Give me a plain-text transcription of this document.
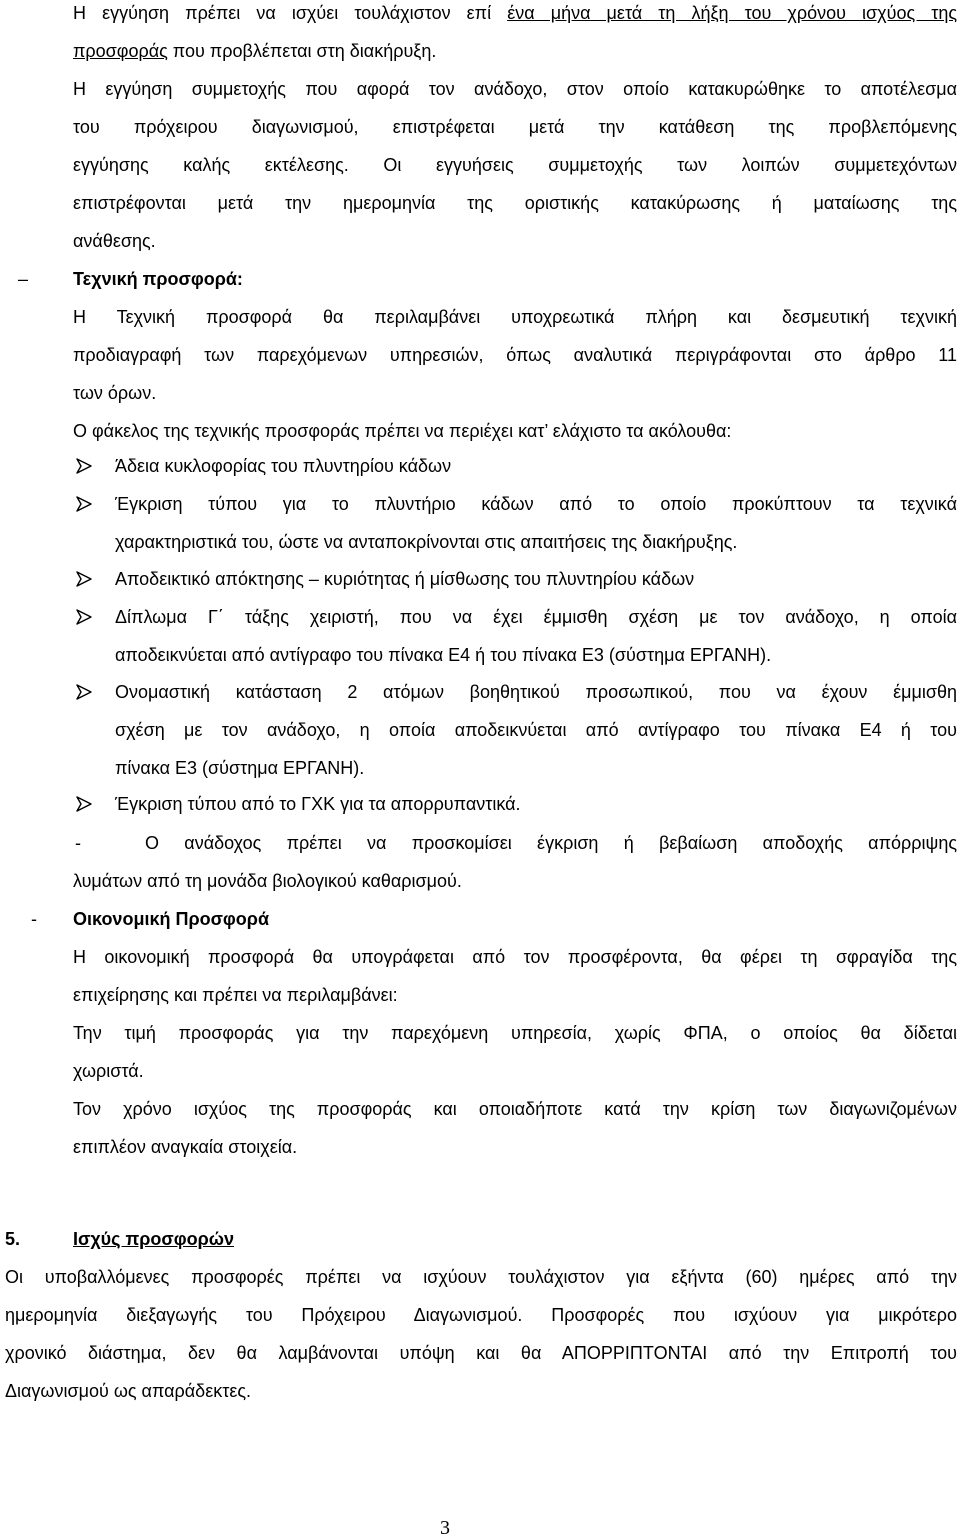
Η εγγύηση πρέπει να ισχύει τουλάχιστον επί ένα μήνα μετά τη λήξη του χρόνου ισχύος της
προσφοράς που προβλέπεται στη διακήρυξη.
Η εγγύηση συμμετοχής που αφορά τον ανάδοχο, στον οποίο κατακυρώθηκε το αποτέλεσμα
του πρόχειρου διαγωνισμού, επιστρέφεται μετά την κατάθεση της προβλεπόμενης
εγγύησης καλής εκτέλεσης. Οι εγγυήσεις συμμετοχής των λοιπών συμμετεχόντων
επιστρέφονται μετά την ημερομηνία της οριστικής κατακύρωσης ή ματαίωσης της
ανάθεσης.
– Τεχνική προσφορά:
Η Τεχνική προσφορά θα περιλαμβάνει υποχρεωτικά πλήρη και δεσμευτική τεχνική
προδιαγραφή των παρεχόμενων υπηρεσιών, όπως αναλυτικά περιγράφονται στο άρθρο 11
των όρων.
Ο φάκελος της τεχνικής προσφοράς πρέπει να περιέχει κατ’ ελάχιστο τα ακόλουθα:
Άδεια κυκλοφορίας του πλυντηρίου κάδων
Έγκριση τύπου για το πλυντήριο κάδων από το οποίο προκύπτουν τα τεχνικά
χαρακτηριστικά του, ώστε να ανταποκρίνονται στις απαιτήσεις της διακήρυξης.
Αποδεικτικό απόκτησης – κυριότητας ή μίσθωσης του πλυντηρίου κάδων
Δίπλωμα Γ΄ τάξης χειριστή, που να έχει έμμισθη σχέση με τον ανάδοχο, η οποία
αποδεικνύεται από αντίγραφο του πίνακα Ε4 ή του πίνακα Ε3 (σύστημα ΕΡΓΑΝΗ).
Ονομαστική κατάσταση 2 ατόμων βοηθητικού προσωπικού, που να έχουν έμμισθη
σχέση με τον ανάδοχο, η οποία αποδεικνύεται από αντίγραφο του πίνακα Ε4 ή του
πίνακα Ε3 (σύστημα ΕΡΓΑΝΗ).
Έγκριση τύπου από το ΓΧΚ για τα απορρυπαντικά.
-	Ο ανάδοχος πρέπει να προσκομίσει έγκριση ή βεβαίωση αποδοχής απόρριψης
λυμάτων από τη μονάδα βιολογικού καθαρισμού.
- Οικονομική Προσφορά
Η οικονομική προσφορά θα υπογράφεται από τον προσφέροντα, θα φέρει τη σφραγίδα της
επιχείρησης και πρέπει να περιλαμβάνει:
Την τιμή προσφοράς για την παρεχόμενη υπηρεσία, χωρίς ΦΠΑ, ο οποίος θα δίδεται
χωριστά.
Τον χρόνο ισχύος της προσφοράς και οποιαδήποτε κατά την κρίση των διαγωνιζομένων
επιπλέον αναγκαία στοιχεία.
5.	Ισχύς προσφορών
Οι υποβαλλόμενες προσφορές πρέπει να ισχύουν τουλάχιστον για εξήντα (60) ημέρες από την
ημερομηνία διεξαγωγής του Πρόχειρου Διαγωνισμού. Προσφορές που ισχύουν για μικρότερο
χρονικό διάστημα, δεν θα λαμβάνονται υπόψη και θα ΑΠΟΡΡΙΠΤΟΝΤΑΙ από την Επιτροπή του
Διαγωνισμού ως απαράδεκτες.
3
